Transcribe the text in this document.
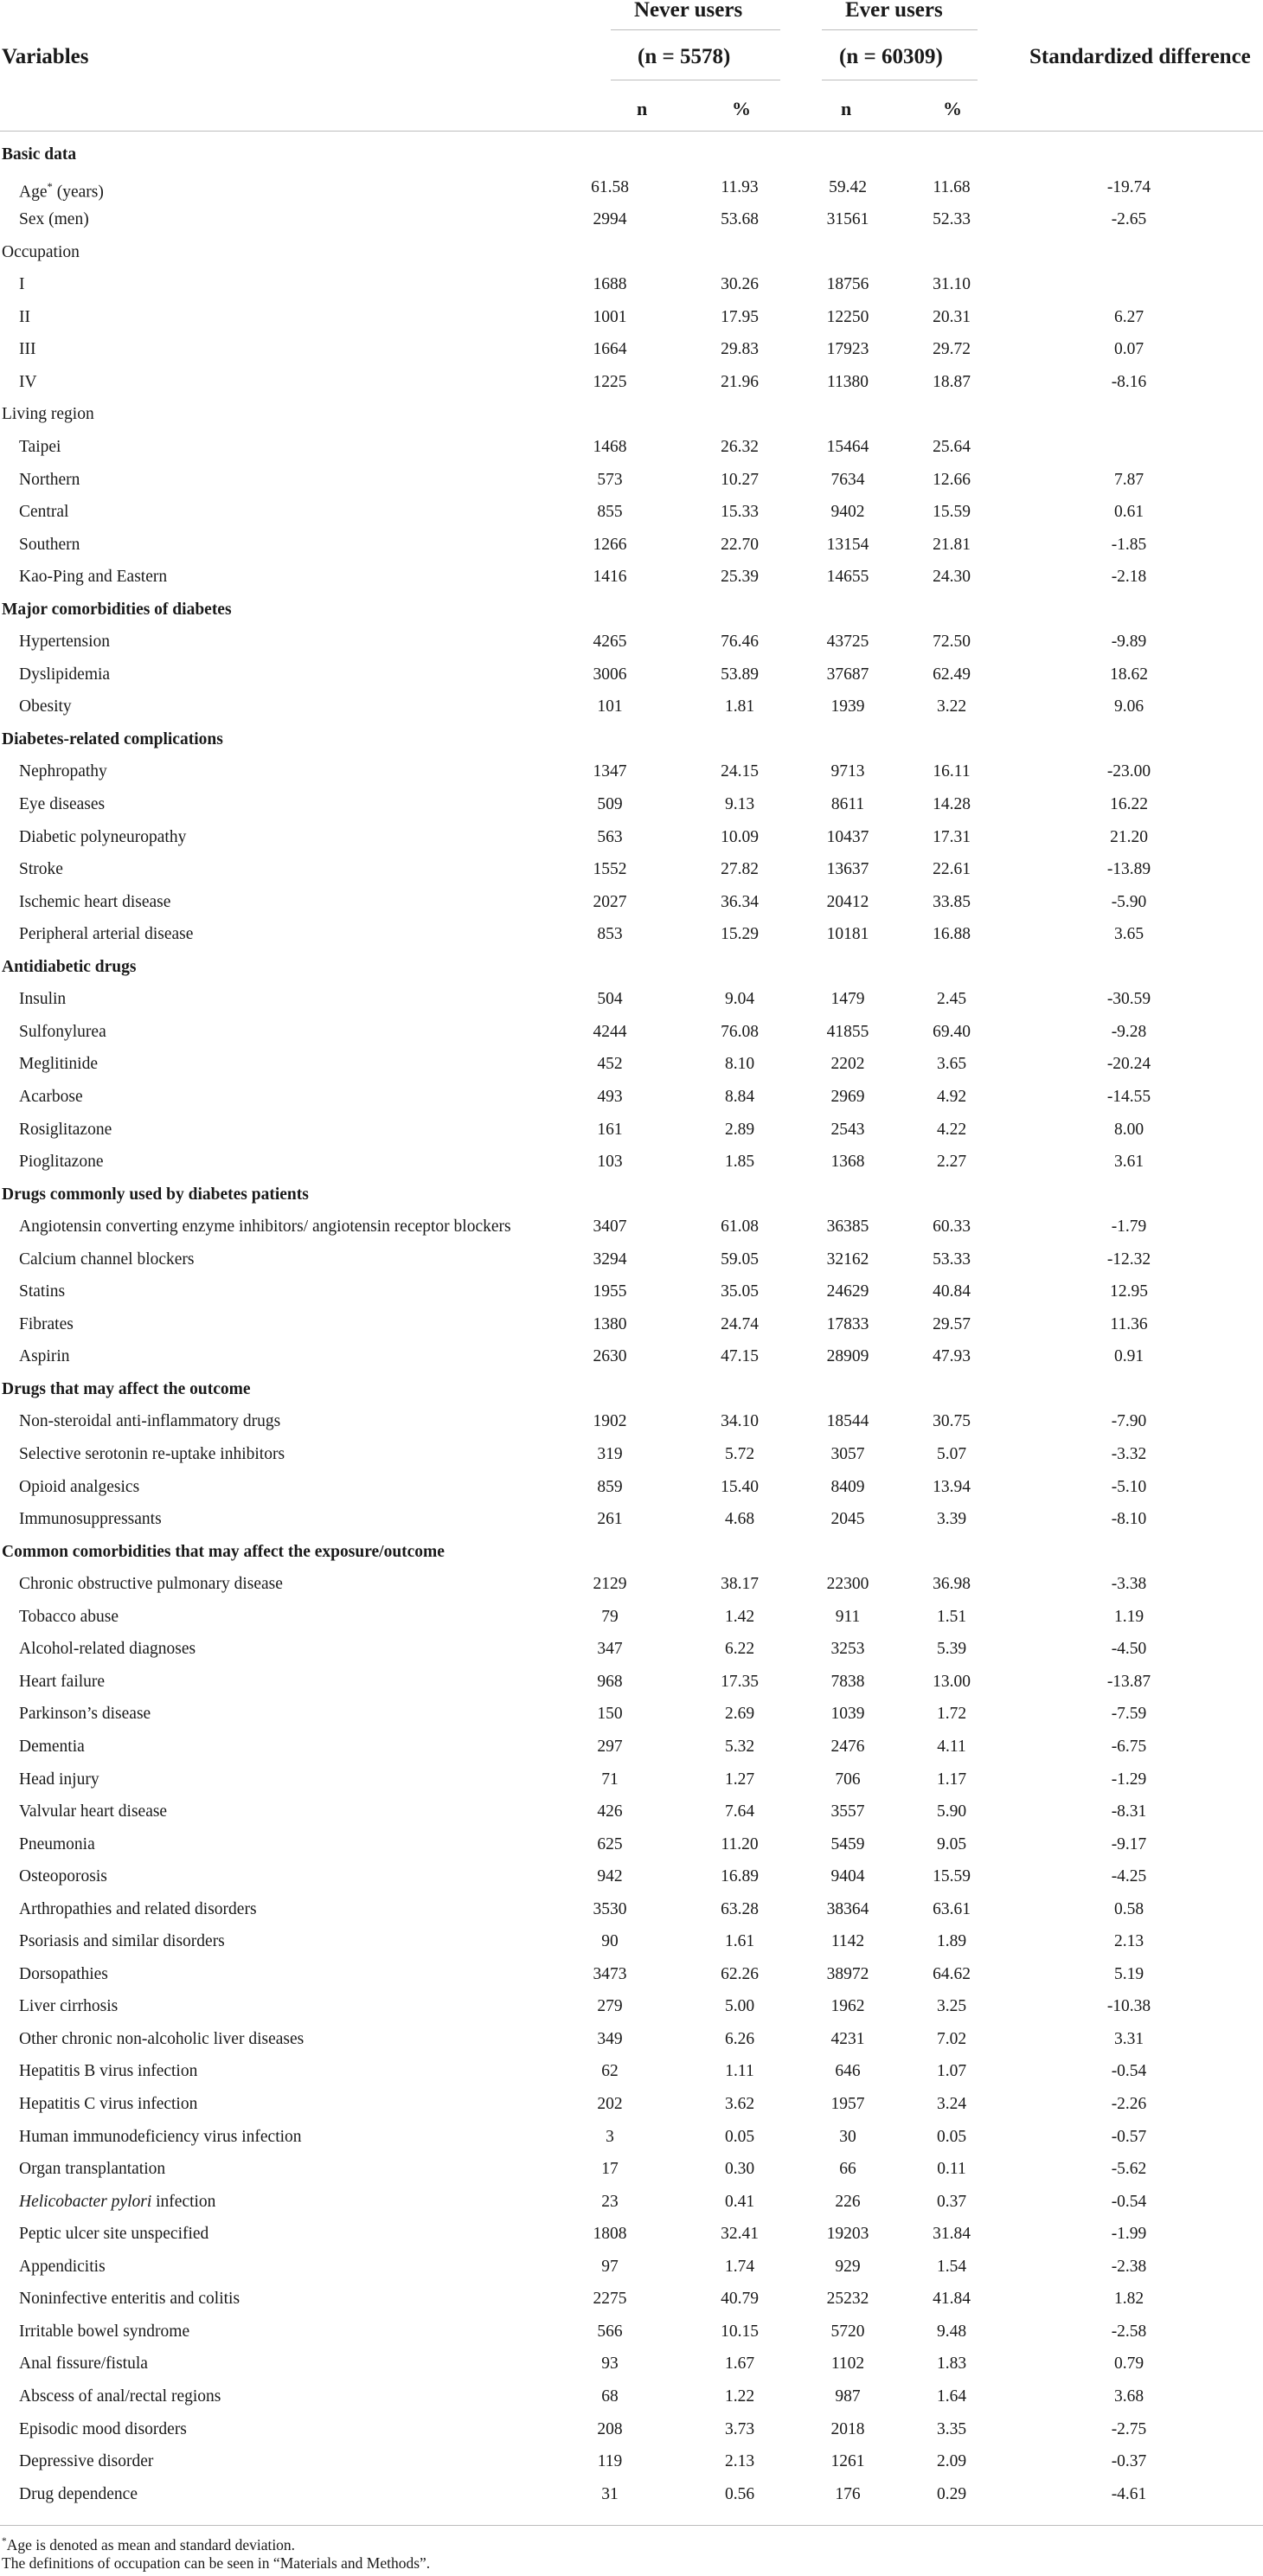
Variables
Never users
(n = 5578)
Ever users
(n = 60309)	Standardized difference
n	%	n	%
Basic data
Age* (years)	61.58	11.93	59.42	11.68	-19.74
Sex (men)	2994	53.68	31561	52.33	-2.65
Occupation
I	1688	30.26	18756	31.10
II	1001	17.95	12250	20.31	6.27
III	1664	29.83	17923	29.72	0.07
IV	1225	21.96	11380	18.87	-8.16
Living region
Taipei	1468	26.32	15464	25.64
Northern	573	10.27	7634	12.66	7.87
Central	855	15.33	9402	15.59	0.61
Southern	1266	22.70	13154	21.81	-1.85
Kao-Ping and Eastern	1416	25.39	14655	24.30	-2.18
Major comorbidities of diabetes
Hypertension	4265	76.46	43725	72.50	-9.89
Dyslipidemia	3006	53.89	37687	62.49	18.62
Obesity	101	1.81	1939	3.22	9.06
Diabetes-related complications
Nephropathy	1347	24.15	9713	16.11	-23.00
Eye diseases	509	9.13	8611	14.28	16.22
Diabetic polyneuropathy	563	10.09	10437	17.31	21.20
Stroke	1552	27.82	13637	22.61	-13.89
Ischemic heart disease	2027	36.34	20412	33.85	-5.90
Peripheral arterial disease	853	15.29	10181	16.88	3.65
Antidiabetic drugs
Insulin	504	9.04	1479	2.45	-30.59
Sulfonylurea	4244	76.08	41855	69.40	-9.28
Meglitinide	452	8.10	2202	3.65	-20.24
Acarbose	493	8.84	2969	4.92	-14.55
Rosiglitazone	161	2.89	2543	4.22	8.00
Pioglitazone	103	1.85	1368	2.27	3.61
Drugs commonly used by diabetes patients
Angiotensin converting enzyme inhibitors/ angiotensin receptor blockers	3407	61.08	36385	60.33	-1.79
Calcium channel blockers	3294	59.05	32162	53.33	-12.32
Statins	1955	35.05	24629	40.84	12.95
Fibrates	1380	24.74	17833	29.57	11.36
Aspirin	2630	47.15	28909	47.93	0.91
Drugs that may affect the outcome
Non-steroidal anti-inflammatory drugs	1902	34.10	18544	30.75	-7.90
Selective serotonin re-uptake inhibitors	319	5.72	3057	5.07	-3.32
Opioid analgesics	859	15.40	8409	13.94	-5.10
Immunosuppressants	261	4.68	2045	3.39	-8.10
Common comorbidities that may affect the exposure/outcome
Chronic obstructive pulmonary disease	2129	38.17	22300	36.98	-3.38
Tobacco abuse	79	1.42	911	1.51	1.19
Alcohol-related diagnoses	347	6.22	3253	5.39	-4.50
Heart failure	968	17.35	7838	13.00	-13.87
Parkinson’s disease	150	2.69	1039	1.72	-7.59
Dementia	297	5.32	2476	4.11	-6.75
Head injury	71	1.27	706	1.17	-1.29
Valvular heart disease	426	7.64	3557	5.90	-8.31
Pneumonia	625	11.20	5459	9.05	-9.17
Osteoporosis	942	16.89	9404	15.59	-4.25
Arthropathies and related disorders	3530	63.28	38364	63.61	0.58
Psoriasis and similar disorders	90	1.61	1142	1.89	2.13
Dorsopathies	3473	62.26	38972	64.62	5.19
Liver cirrhosis	279	5.00	1962	3.25	-10.38
Other chronic non-alcoholic liver diseases	349	6.26	4231	7.02	3.31
Hepatitis B virus infection	62	1.11	646	1.07	-0.54
Hepatitis C virus infection	202	3.62	1957	3.24	-2.26
Human immunodeficiency virus infection	3	0.05	30	0.05	-0.57
Organ transplantation	17	0.30	66	0.11	-5.62
Helicobacter pylori infection	23	0.41	226	0.37	-0.54
Peptic ulcer site unspecified	1808	32.41	19203	31.84	-1.99
Appendicitis	97	1.74	929	1.54	-2.38
Noninfective enteritis and colitis	2275	40.79	25232	41.84	1.82
Irritable bowel syndrome	566	10.15	5720	9.48	-2.58
Anal fissure/fistula	93	1.67	1102	1.83	0.79
Abscess of anal/rectal regions	68	1.22	987	1.64	3.68
Episodic mood disorders	208	3.73	2018	3.35	-2.75
Depressive disorder	119	2.13	1261	2.09	-0.37
Drug dependence	31	0.56	176	0.29	-4.61
*Age is denoted as mean and standard deviation.
The definitions of occupation can be seen in “Materials and Methods”.
